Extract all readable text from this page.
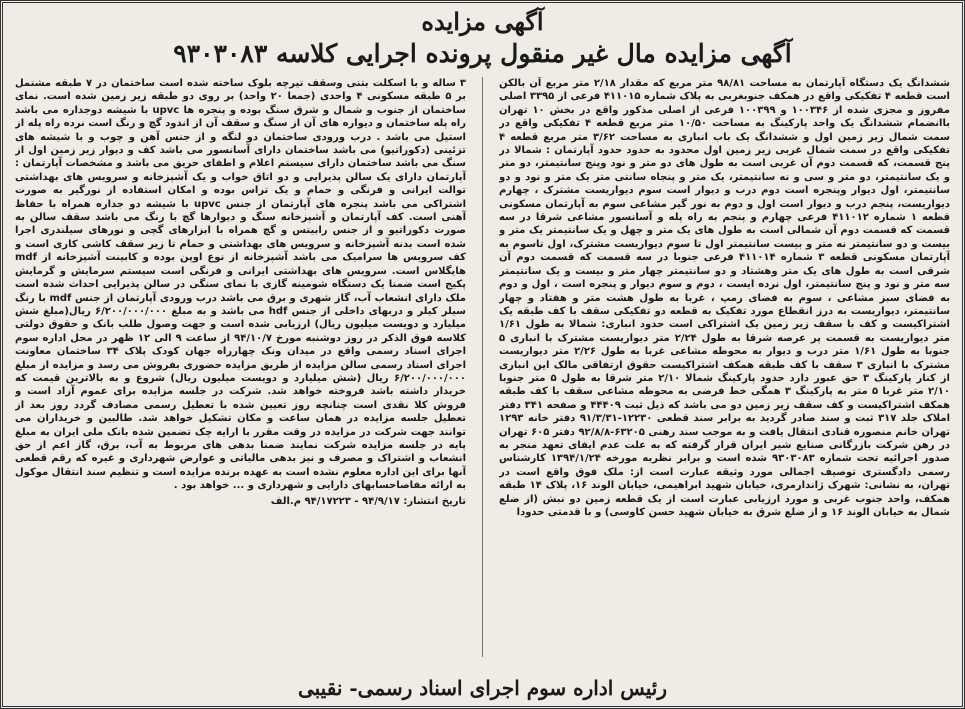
آگهی مزایده
آگهی مزایده مال غیر منقول پرونده اجرایی کلاسه ۹۳۰۳۰۸۳

ششدانگ یک دستگاه آپارتمان به مساحت ۹۸/۸۱ متر مربع که مقدار ۲/۱۸ متر مربع آن بالکن است قطعه ۴ تفکیکی واقع در همکف جنوبغربی به پلاک شماره ۴۱۱۰۱۵ فرعی از ۳۳۹۵ اصلی مفروز و مجزی شده از ۱۰۰۳۴۶ و ۱۰۰۳۹۹ فرعی از اصلی مذکور واقع در بخش ۱۰ تهران باانضمام ششدانگ یک واحد پارکینگ به مساحت ۱۰/۵۰ متر مربع قطعه ۴ تفکیکی واقع در سمت شمال زیر زمین اول و ششدانگ یک باب انباری به مساحت ۳/۶۲ متر مربع قطعه ۴ تفکیکی واقع در سمت شمال غربی زیر زمین اول محدود به حدود حدود آپارتمان : شمالا در پنج قسمت، که قسمت دوم آن غربی است به طول های دو متر و نود وپنج سانتیمتر، دو متر و یک سانتیمتر، دو متر و سی و نه سانتیمتر، یک متر و پنجاه سانتی متر یک متر و نود و دو سانتیمتر، اول دیوار وپنجره است دوم درب و دیوار است سوم دیواریست مشترک ، چهارم دیواریست، پنجم درب و دیوار است اول و دوم به نور گیر مشاعی سوم به آپارتمان مسکونی قطعه ۱ شماره ۴۱۱۰۱۲ فرعی چهارم و پنجم به راه پله و آسانسور مشاعی شرقا در سه قسمت که قسمت دوم آن شمالی است به طول های یک متر و چهل و یک سانتیمتر یک متر و بیست و دو سانتیمتر نه متر و بیست سانتیمتر اول تا سوم دیواریست مشترک، اول تاسوم به آپارتمان مسکونی قطعه ۳ شماره ۴۱۱۰۱۴ فرعی جنوبا در سه قسمت که قسمت دوم آن شرقی است به طول های یک متر وهشتاد و دو سانتیمتر چهار متر و بیست و یک سانتیمتر سه متر و نود و پنج سانتیمتر، اول نرده ایست ، دوم و سوم دیوار و پنجره است ، اول و دوم به فضای سبز مشاعی ، سوم به فضای رمپ ، غربا به طول هشت متر و هفتاد و چهار سانتیمتر، دیواریست به درز انقطاع مورد تفکیک به قطعه دو تفکیکی سقف با کف طبقه یک اشتراکیست و کف با سقف زیر زمین یک اشتراکی است حدود انباری: شمالا به طول ۱/۶۱ متر دیواریست به قسمت پر عرصه شرقا به طول ۲/۲۴ متر دیواریست مشترک با انباری ۵ جنوبا به طول ۱/۶۱ متر درب و دیوار به محوطه مشاعی غربا به طول ۲/۲۶ متر دیواریست مشترک با انباری ۳ سقف با کف طبقه همکف اشتراکیست حقوق ارتفاقی مالک این انباری از کنار پارکینگ ۳ حق عبور دارد حدود پارکینگ شمالا ۲/۱۰ متر شرقا به طول ۵ متر جنوبا ۲/۱۰ متر غربا ۵ متر به پارکینگ ۳ همگی خط فرضی به محوطه مشاعی سقف با کف طبقه همکف اشتراکیست و کف سقف زیر زمین دو می باشد که ذیل ثبت ۴۴۴۰۹ و صفحه ۳۴۱ دفتر املاک جلد ۳۱۷ ثبت و سند صادر گردید به برابر سند قطعی ۱۲۲۳۰-۹۱/۳/۳۱ دفتر خانه ۱۲۹۳ تهران خانم منصوره قنادی انتقال یافت و به موجب سند رهنی ۶۳۲۰۵-۹۲/۸/۸ دفتر ۶۰۵ تهران در رهن شرکت بازرگانی صنایع شیر ایران قرار گرفته که به علت عدم ایفای تعهد منجر به صدور اجرائیه تحت شماره ۹۳۰۳۰۸۳ شده است و برابر نظریه مورخه ۱۳۹۴/۱/۲۴ کارشناس رسمی دادگستری توصیف اجمالی مورد وثیقه عبارت است از: ملک فوق واقع است در تهران، به نشانی: شهرک ژاندارمری، خیابان شهید ابراهیمی، خیابان الوند ۱۶، پلاک ۱۴ طبقه همکف، واحد جنوب غربی و مورد ارزیابی عبارت است از یک قطعه زمین دو نبش (از ضلع شمال به خیابان الوند ۱۶ و از ضلع شرق به خیابان شهید حسن کاوسی) و با قدمتی حدودا

۳ ساله و با اسکلت بتنی وسقف تیرچه بلوک ساخته شده است ساختمان در ۷ طبقه مشتمل بر ۵ طبقه مسکونی ۴ واحدی (جمعا ۲۰ واحد) بر روی دو طبقه زیر زمین شده است. نمای ساختمان از جنوب و شمال و شرق سنگ بوده و پنجره ها upvc با شیشه دوجداره می باشد راه پله ساختمان و دیواره های آن از سنگ و سقف آن از اندود گچ و رنگ است نرده راه پله از استیل می باشد . درب ورودی ساختمان دو لنگه و از جنس آهن و چوب و با شیشه های تزئینی (دکوراتیو) می باشد ساختمان دارای آسانسور می باشد کف و دیوار زیر زمین اول از سنگ می باشد ساختمان دارای سیستم اعلام و اطفای حریق می باشد و مشخصات آپارتمان : آپارتمان دارای یک سالن پذیرایی و دو اتاق خواب و یک آشپزخانه و سرویس های بهداشتی توالت ایرانی و فرنگی و حمام و یک تراس بوده و امکان استفاده از نورگیر به صورت اشتراکی می باشد پنجره های آپارتمان از جنس upvc با شیشه دو جداره همراه با حفاظ آهنی است. کف آپارتمان و آشپزخانه سنگ و دیوارها گچ با رنگ می باشد سقف سالن به صورت دکوراتیو و از جنس رابیتس و گچ همراه با ابزارهای گچی و نورهای سیلندری اجرا شده است بدنه آشپزخانه و سرویس های بهداشتی و حمام تا زیر سقف کاشی کاری است و کف سرویس ها سرامیک می باشد آشپزخانه از نوع اوپن بوده و کابینت آشپزخانه از mdf هایگلاس است. سرویس های بهداشتی ایرانی و فرنگی است سیستم سرمایش و گرمایش پکیج است ضمنا یک دستگاه شومینه گازی با نمای سنگی در سالن پذیرایی احداث شده است ملک دارای انشعاب آب، گاز شهری و برق می باشد درب ورودی آپارتمان از جنس mdf با رنگ سیلر کیلر و دربهای داخلی از جنس hdf می باشد و به مبلغ ۶/۲۰۰/۰۰۰/۰۰۰ ریال(مبلغ شش میلیارد و دویست میلیون ریال) ارزیابی شده است و جهت وصول طلب بانک و حقوق دولتی کلاسه فوق الذکر در روز دوشنبه مورخ ۹۴/۱۰/۷ از ساعت ۹ الی ۱۲ ظهر در محل اداره سوم اجرای اسناد رسمی واقع در میدان ونک چهارراه جهان کودک پلاک ۳۴ ساختمان معاونت اجرای اسناد رسمی سالن مزایده از طریق مزایده حضوری بفروش می رسد و مزایده از مبلغ ۶/۲۰۰/۰۰۰/۰۰۰ ریال (شش میلیارد و دویست میلیون ریال) شروع و به بالاترین قیمت که خریدار داشته باشد فروخته خواهد شد. شرکت در جلسه مزایده برای عموم آزاد است و فروش کلا نقدی است چنانچه روز تعیین شده با تعطیل رسمی مصادف گردد روز بعد از تعطیل جلسه مزایده در همان ساعت و مکان تشکیل خواهد شد. طالبین و خریداران می توانند جهت شرکت در مزایده در وقت مقرر با ارایه چک تضمین شده بانک ملی ایران به مبلغ پایه در جلسه مزایده شرکت نمایند ضمنا بدهی های مربوط به آب، برق، گاز اعم از حق انشعاب و اشتراک و مصرف و نیز بدهی مالیاتی و عوارض شهرداری و غیره که رقم قطعی آنها برای این اداره معلوم نشده است به عهده برنده مزایده است و تنظیم سند انتقال موکول به ارائه مفاصاحسابهای دارایی و شهرداری و ... خواهد بود .

تاریخ انتشار: ۹۴/۹/۱۷ - ۹۴/۱۷۲۲۳ م.الف
رئیس اداره سوم اجرای اسناد رسمی- نقیبی
